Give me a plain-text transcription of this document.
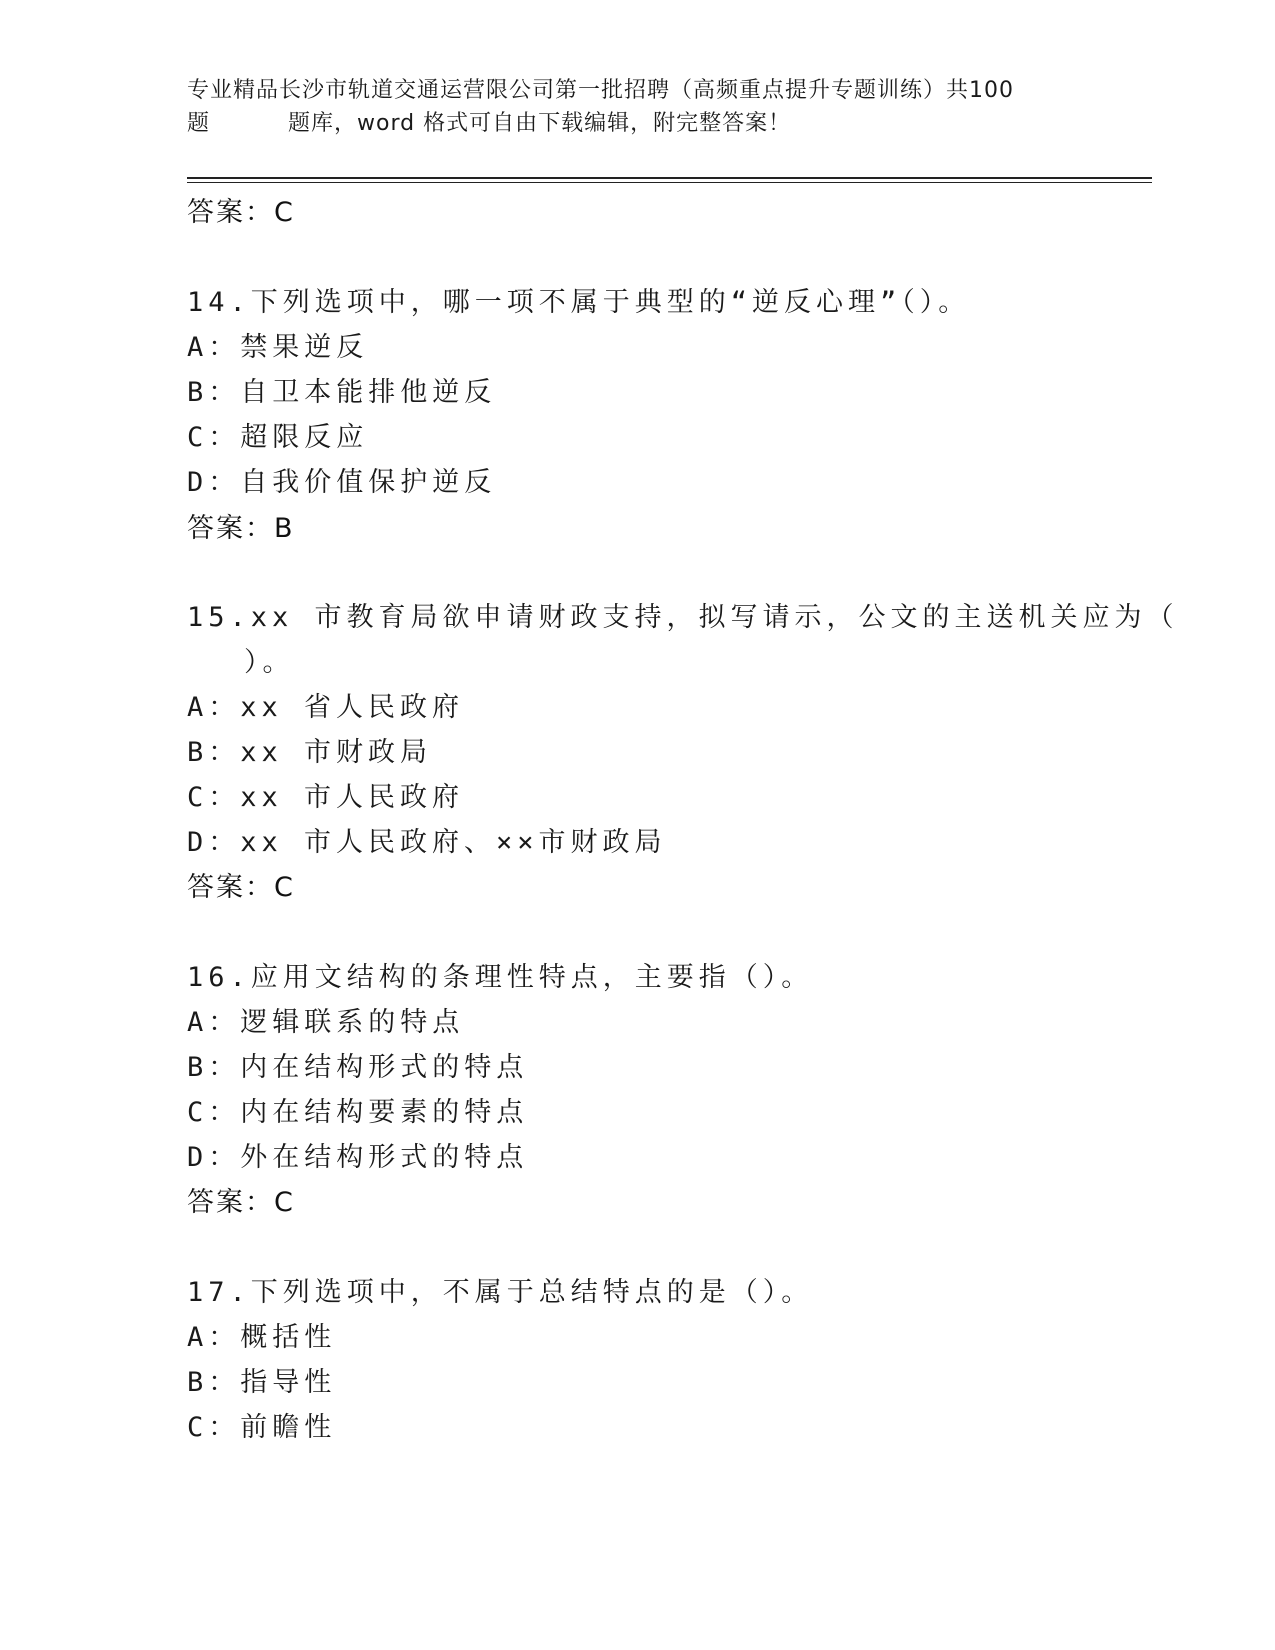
专业精品长沙市轨道交通运营限公司第一批招聘（高频重点提升专题训练）共100
题	题库，word 格式可自由下载编辑，附完整答案！
答案：C
14.下列选项中，哪一项不属于典型的“逆反心理”（）。
A：禁果逆反
B：自卫本能排他逆反
C：超限反应
D：自我价值保护逆反
答案：B
15.xx 市教育局欲申请财政支持，拟写请示，公文的主送机关应为（
）。
A：xx 省人民政府
B：xx 市财政局
C：xx 市人民政府
D：xx 市人民政府、××市财政局
答案：C
16.应用文结构的条理性特点，主要指（）。
A：逻辑联系的特点
B：内在结构形式的特点
C：内在结构要素的特点
D：外在结构形式的特点
答案：C
17.下列选项中，不属于总结特点的是（）。
A：概括性
B：指导性
C：前瞻性
